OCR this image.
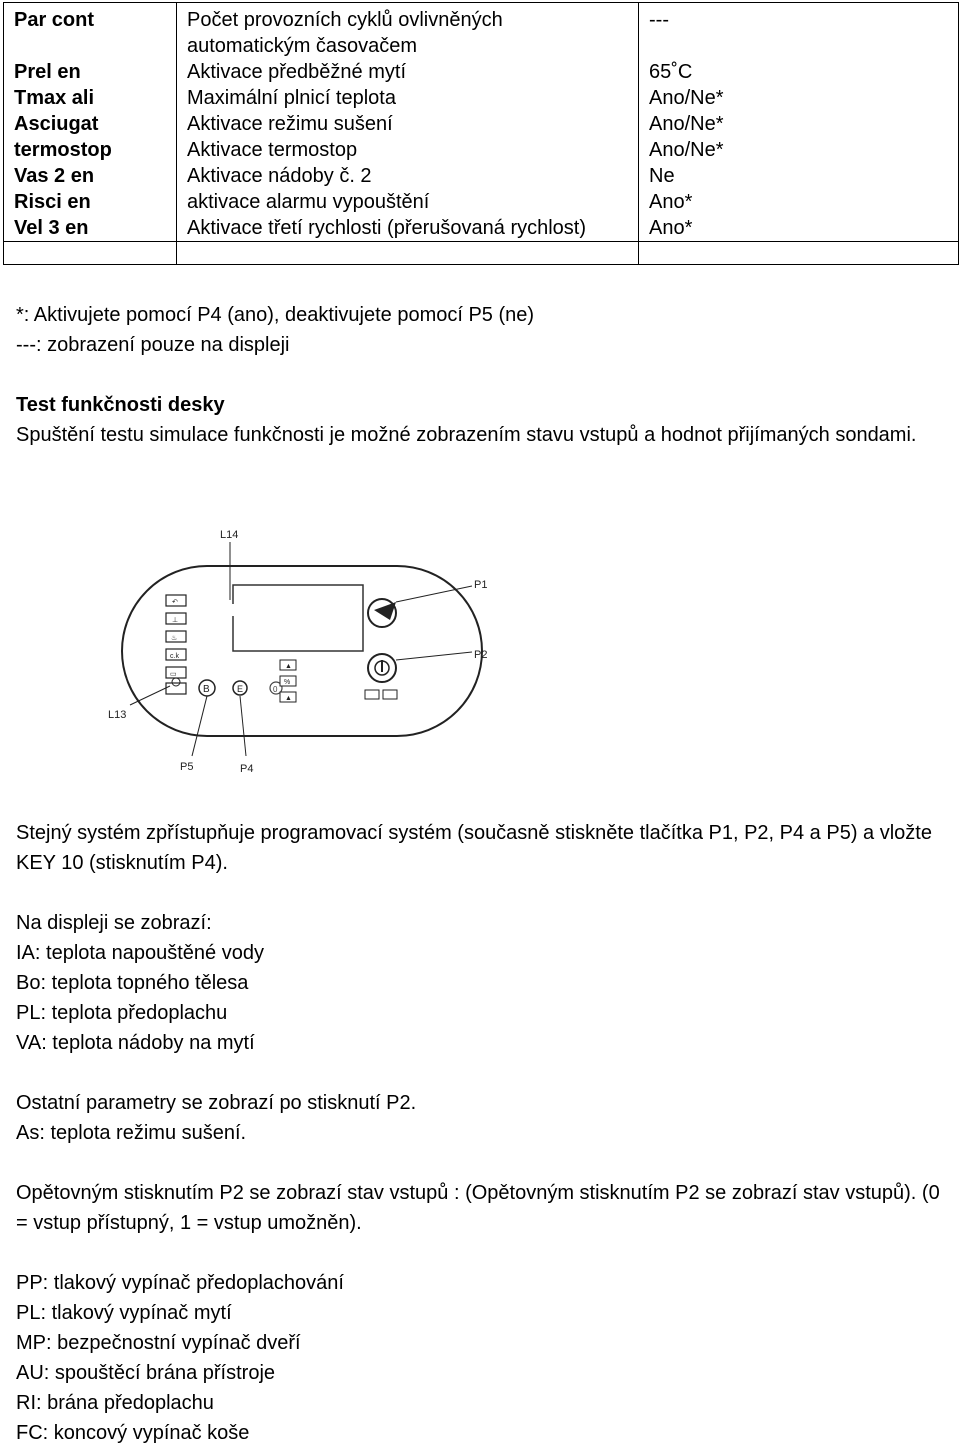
Par cont	Počet provozních cyklů ovlivněných automatickým časovačem	---
Prel en	Aktivace předběžné mytí	65˚C
Tmax ali	Maximální plnicí teplota	Ano/Ne*
Asciugat	Aktivace režimu sušení	Ano/Ne*
termostop	Aktivace termostop	Ano/Ne*
Vas 2 en	Aktivace nádoby č. 2	Ne
Risci en	aktivace alarmu vypouštění	Ano*
Vel 3 en	Aktivace třetí rychlosti (přerušovaná rychlost)	Ano*

*: Aktivujete pomocí P4 (ano), deaktivujete pomocí P5 (ne)
---: zobrazení pouze na displeji
Test funkčnosti desky
Spuštění testu simulace funkčnosti je možné zobrazením stavu vstupů a hodnot přijímaných sondami.
↶
⊥
♨
c.k
▭
B	E	0
▲
%
▲
L14
P1
P2
L13
P5	P4
Stejný systém zpřístupňuje programovací systém (současně stiskněte tlačítka P1, P2, P4 a P5) a vložte KEY 10 (stisknutím P4).
Na displeji se zobrazí:
IA: teplota napouštěné vody
Bo: teplota topného tělesa
PL: teplota předoplachu
VA: teplota nádoby na mytí
Ostatní parametry se zobrazí po stisknutí P2.
As: teplota režimu sušení.
Opětovným stisknutím P2 se zobrazí stav vstupů : (Opětovným stisknutím P2 se zobrazí stav vstupů). (0 = vstup přístupný, 1 = vstup umožněn).
PP: tlakový vypínač předoplachování
PL: tlakový vypínač mytí
MP: bezpečnostní vypínač dveří
AU: spouštěcí brána přístroje
RI: brána předoplachu
FC: koncový vypínač koše
